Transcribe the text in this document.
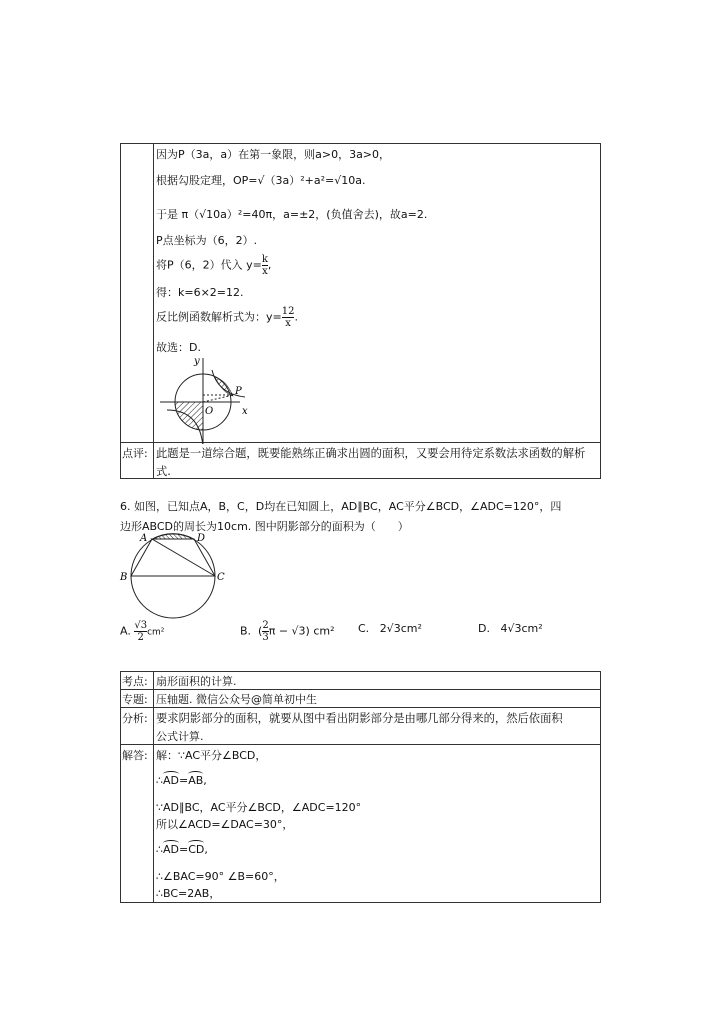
因为P（3a，a）在第一象限，则a>0，3a>0，
根据勾股定理，OP=√（3a）²+a²=√10a.
于是 π（√10a）²=40π，a=±2，(负值舍去)，故a=2.
P点坐标为（6，2）.
将P（6，2）代入 $y= \frac{k}{x}$ ,
得：k=6×2=12.
反比例函数解析式为：$y= \frac{12}{x}$ .
故选：D.
y
x
O
P
点评: 此题是一道综合题，既要能熟练正确求出圆的面积，又要会用待定系数法求函数的解析式.
6. 如图，已知点A，B，C，D均在已知圆上，AD∥BC，AC平分∠BCD，∠ADC=120°，四
边形ABCD的周长为10cm. 图中阴影部分的面积为（　　）
A	D
B	C
A. $\frac{√3}{2} cm^2$	B. ( $\frac{2}{3}$ π − √3) cm² C. 2√3cm²	D. 4√3cm²
考点: 扇形面积的计算.
专题: 压轴题. 微信公众号@简单初中生
分析: 要求阴影部分的面积，就要从图中看出阴影部分是由哪几部分得来的，然后依面积
公式计算.
解答: 解：∵AC平分∠BCD，
∴AD=AB,
∵AD∥BC，AC平分∠BCD，∠ADC=120°
所以∠ACD=∠DAC=30°，
∴AD=CD,
∴∠BAC=90° ∠B=60°，
∴BC=2AB，
